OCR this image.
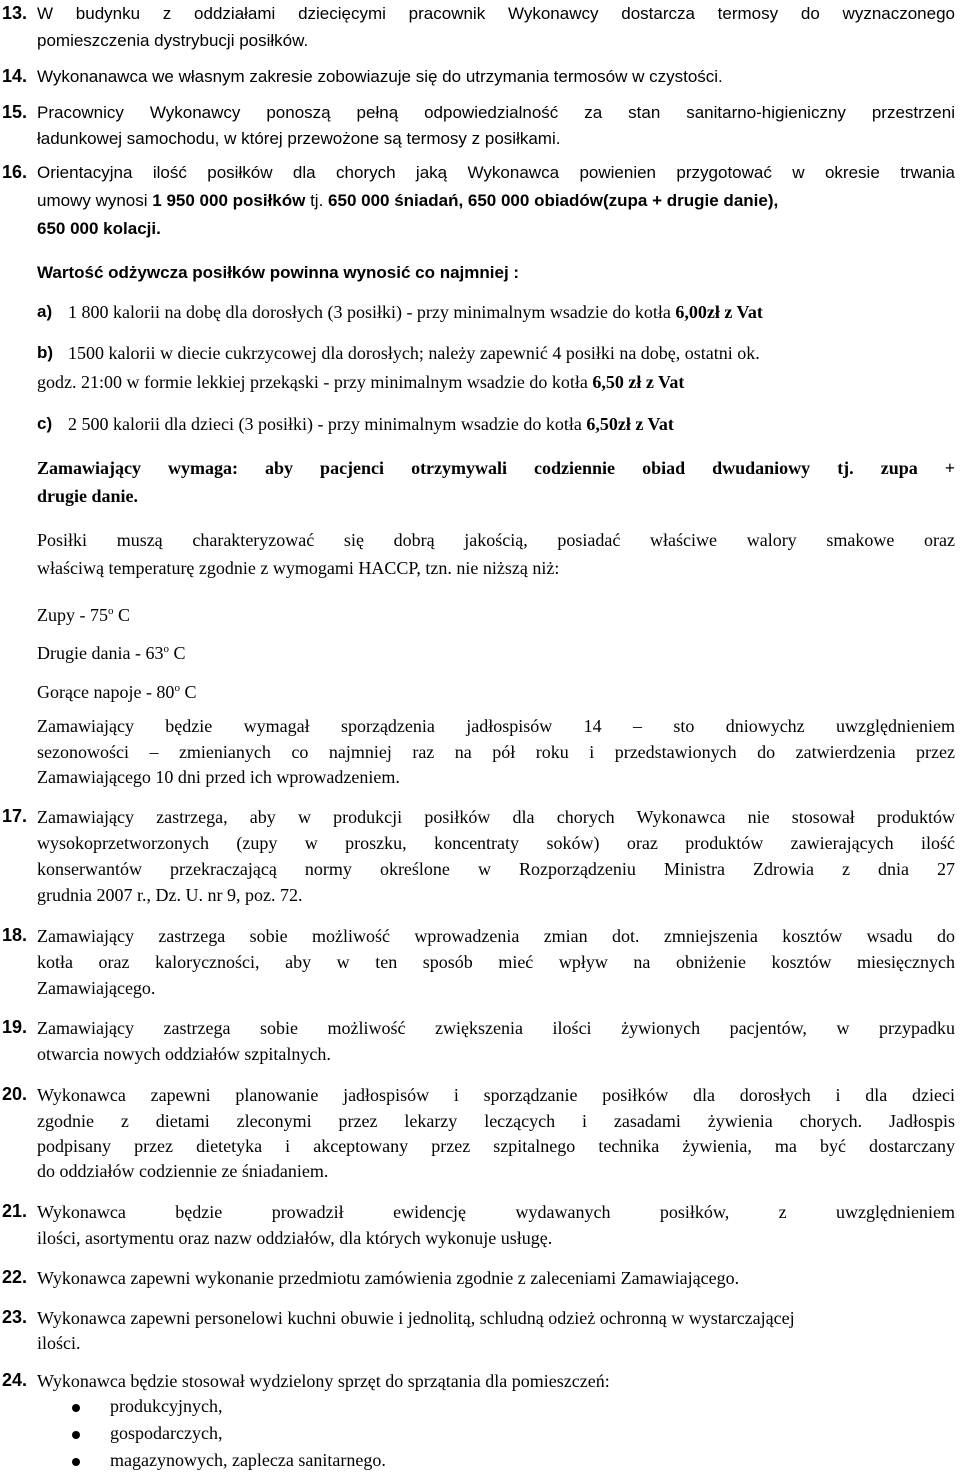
13. W budynku z oddziałami dziecięcymi pracownik Wykonawcy dostarcza termosy do wyznaczonego
pomieszczenia dystrybucji posiłków.
14. Wykonanawca we własnym zakresie zobowiazuje się do utrzymania termosów w czystości.
15. Pracownicy Wykonawcy ponoszą pełną odpowiedzialność za stan sanitarno-higieniczny przestrzeni
ładunkowej samochodu, w której przewożone są termosy z posiłkami.
16. Orientacyjna ilość posiłków dla chorych jaką Wykonawca powienien przygotować w okresie trwania
umowy wynosi 1 950 000 posiłków tj. 650 000 śniadań, 650 000 obiadów(zupa + drugie danie),
650 000 kolacji.
Wartość odżywcza posiłków powinna wynosić co najmniej :
a) 1 800 kalorii na dobę dla dorosłych (3 posiłki) - przy minimalnym wsadzie do kotła 6,00zł z Vat
b) 1500 kalorii w diecie cukrzycowej dla dorosłych; należy zapewnić 4 posiłki na dobę, ostatni ok.
godz. 21:00 w formie lekkiej przekąski - przy minimalnym wsadzie do kotła 6,50 zł z Vat
c) 2 500 kalorii dla dzieci (3 posiłki) - przy minimalnym wsadzie do kotła 6,50zł z Vat
Zamawiający wymaga: aby pacjenci otrzymywali codziennie obiad dwudaniowy tj. zupa +
drugie danie.
Posiłki muszą charakteryzować się dobrą jakością, posiadać właściwe walory smakowe oraz
właściwą temperaturę zgodnie z wymogami HACCP, tzn. nie niższą niż:
Zupy - 75$^o$ C
Drugie dania - 63$^o$ C
Gorące napoje - 80$^o$ C
Zamawiający będzie wymagał sporządzenia jadłospisów 14 – sto dniowychz uwzględnieniem
sezonowości – zmienianych co najmniej raz na pół roku i przedstawionych do zatwierdzenia przez
Zamawiającego 10 dni przed ich wprowadzeniem.
17. Zamawiający zastrzega, aby w produkcji posiłków dla chorych Wykonawca nie stosował produktów
wysokoprzetworzonych (zupy w proszku, koncentraty soków) oraz produktów zawierających ilość
konserwantów przekraczającą normy określone w Rozporządzeniu Ministra Zdrowia z dnia 27
grudnia 2007 r., Dz. U. nr 9, poz. 72.
18. Zamawiający zastrzega sobie możliwość wprowadzenia zmian dot. zmniejszenia kosztów wsadu do
kotła oraz kaloryczności, aby w ten sposób mieć wpływ na obniżenie kosztów miesięcznych
Zamawiającego.
19. Zamawiający zastrzega sobie możliwość zwiększenia ilości żywionych pacjentów, w przypadku
otwarcia nowych oddziałów szpitalnych.
20. Wykonawca zapewni planowanie jadłospisów i sporządzanie posiłków dla dorosłych i dla dzieci
zgodnie z dietami zleconymi przez lekarzy leczących i zasadami żywienia chorych. Jadłospis
podpisany przez dietetyka i akceptowany przez szpitalnego technika żywienia, ma być dostarczany
do oddziałów codziennie ze śniadaniem.
21. Wykonawca będzie prowadził ewidencję wydawanych posiłków, z uwzględnieniem
ilości, asortymentu oraz nazw oddziałów, dla których wykonuje usługę.
22. Wykonawca zapewni wykonanie przedmiotu zamówienia zgodnie z zaleceniami Zamawiającego.
23. Wykonawca zapewni personelowi kuchni obuwie i jednolitą, schludną odzież ochronną w wystarczającej
ilości.
24. Wykonawca będzie stosował wydzielony sprzęt do sprzątania dla pomieszczeń:
produkcyjnych,
gospodarczych,
magazynowych, zaplecza sanitarnego.
